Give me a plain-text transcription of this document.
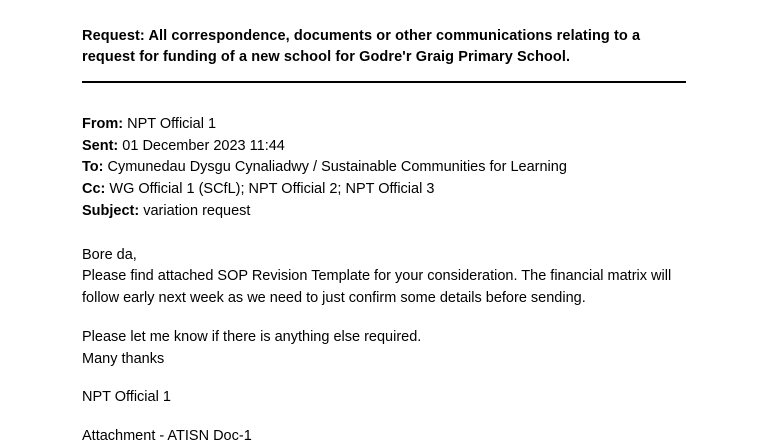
Request: All correspondence, documents or other communications relating to a request for funding of a new school for Godre'r Graig Primary School.
From: NPT Official 1
Sent: 01 December 2023 11:44
To: Cymunedau Dysgu Cynaliadwy / Sustainable Communities for Learning
Cc: WG Official 1 (SCfL); NPT Official 2; NPT Official 3
Subject: variation request

Bore da,

Please find attached SOP Revision Template for your consideration. The financial matrix will follow early next week as we need to just confirm some details before sending.

Please let me know if there is anything else required.

Many thanks

NPT Official 1

Attachment - ATISN Doc-1
